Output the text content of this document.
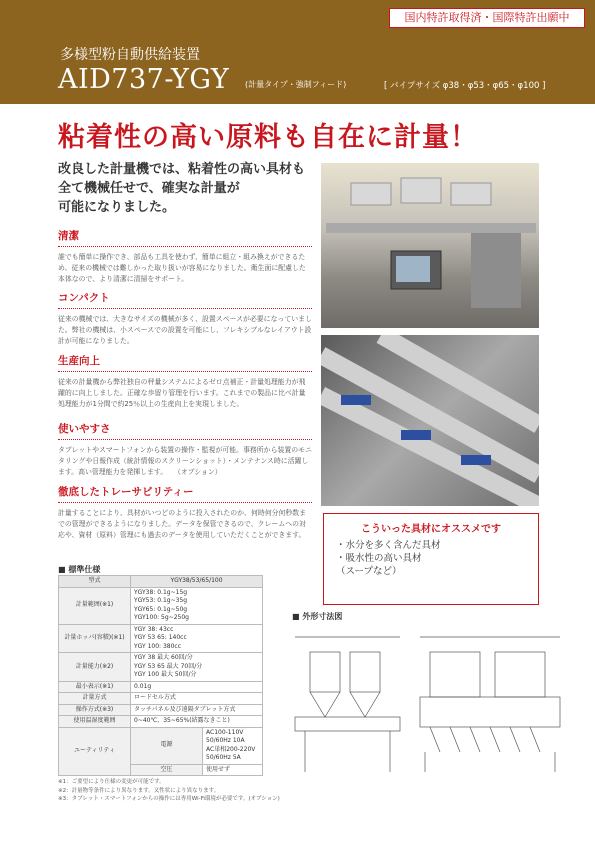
国内特許取得済・国際特許出願中
多様型粉自動供給装置
AID737-YGY (計量タイプ・強制フィード)	[ パイプサイズ φ38・φ53・φ65・φ100 ]
粘着性の高い原料も自在に計量！
改良した計量機では、粘着性の高い具材も
全て機械任せで、確実な計量が
可能になりました。
清潔

誰でも簡単に操作でき、部品も工具を使わず、簡単に組立・組み換えができるため、従来の機械では難しかった取り扱いが容易になりました。衛生面に配慮した本体なので、より清潔に清掃をサポート。

コンパクト

従来の機械では、大きなサイズの機械が多く、設置スペースが必要になっていました。弊社の機械は、小スペースでの設置を可能にし、フレキシブルなレイアウト設計が可能になりました。

生産向上

従来の計量機から弊社独自の秤量システムによるゼロ点補正・計量処理能力が飛躍的に向上しました。正確な歩留り管理を行います。これまでの製品に比べ計量処理能力が1分間で約25％以上の生産向上を実現しました。

使いやすさ

タブレットやスマートフォンから装置の操作・監視が可能。事務所から装置のモニタリングや日報作成（統計情報のスクリーンショット）・メンテナンス時に活躍します。高い管理能力を発揮します。　　（オプション）

徹底したトレーサビリティー

計量することにより、具材がいつどのように投入されたのか、何時何分何秒数までの管理ができるようになりました。データを保管できるので、クレームへの対応や、資材（原料）管理にも過去のデータを使用していただくことができます。	こういった具材にオススメです
・水分を多く含んだ具材
・吸水性の高い具材
（スープなど）
■ 標準仕様
型式	YGY38/53/65/100	
計量範囲(※1)	YGY38: 0.1g~15g
YGY53: 0.1g~35g
YGY65: 0.1g~50g
YGY100: 5g~250g	
計量ホッパ(容積)(※1)	YGY 38: 43cc
YGY 53 65: 140cc
YGY 100: 380cc	
計量能力(※2)	YGY 38 最大 60回/分
YGY 53 65 最大 70回/分
YGY 100 最大 50回/分	
最小表示(※1)	0.01g	
計量方式	ロードセル方式	
操作方式(※3)	タッチパネル及び遠隔タブレット方式	
使用温湿度範囲	0~40℃、35~65%(結露なきこと)	
ユーティリティ	電源	AC100-110V 50/60Hz 10A
AC単相200-220V 50/60Hz 5A
	空圧	使用せず
※1：ご要望により仕様の変更が可能です。
※2：計量物等条件により異なります。又性状により異なります。
※3：タブレット・スマートフォンからの操作には専用Wi-Fi環境が必要です。(オプション)
■ 外形寸法図
